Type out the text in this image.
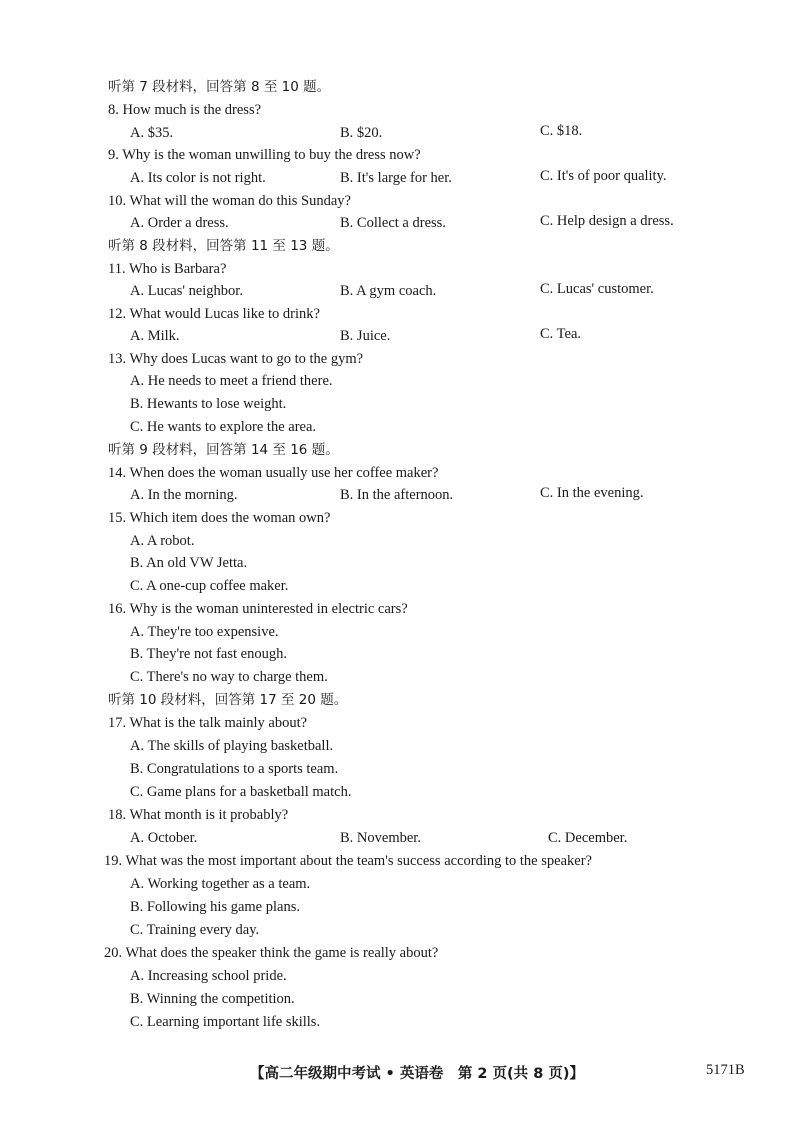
听第 7 段材料，回答第 8 至 10 题。
8. How much is the dress?
A. $35.	B. $20.	C. $18.
9. Why is the woman unwilling to buy the dress now?
A. Its color is not right.	B. It's large for her.	C. It's of poor quality.
10. What will the woman do this Sunday?
A. Order a dress.	B. Collect a dress.	C. Help design a dress.
听第 8 段材料，回答第 11 至 13 题。
11. Who is Barbara?
A. Lucas' neighbor.	B. A gym coach.	C. Lucas' customer.
12. What would Lucas like to drink?
A. Milk.	B. Juice.	C. Tea.
13. Why does Lucas want to go to the gym?
A. He needs to meet a friend there.
B. Hewants to lose weight.
C. He wants to explore the area.
听第 9 段材料，回答第 14 至 16 题。
14. When does the woman usually use her coffee maker?
A. In the morning.	B. In the afternoon.	C. In the evening.
15. Which item does the woman own?
A. A robot.
B. An old VW Jetta.
C. A one-cup coffee maker.
16. Why is the woman uninterested in electric cars?
A. They're too expensive.
B. They're not fast enough.
C. There's no way to charge them.
听第 10 段材料，回答第 17 至 20 题。
17. What is the talk mainly about?
A. The skills of playing basketball.
B. Congratulations to a sports team.
C. Game plans for a basketball match.
18. What month is it probably?
A. October.	B. November.	C. December.
19. What was the most important about the team's success according to the speaker?
A. Working together as a team.
B. Following his game plans.
C. Training every day.
20. What does the speaker think the game is really about?
A. Increasing school pride.
B. Winning the competition.
C. Learning important life skills.
【高二年级期中考试 • 英语卷　第 2 页(共 8 页)】	5171B
